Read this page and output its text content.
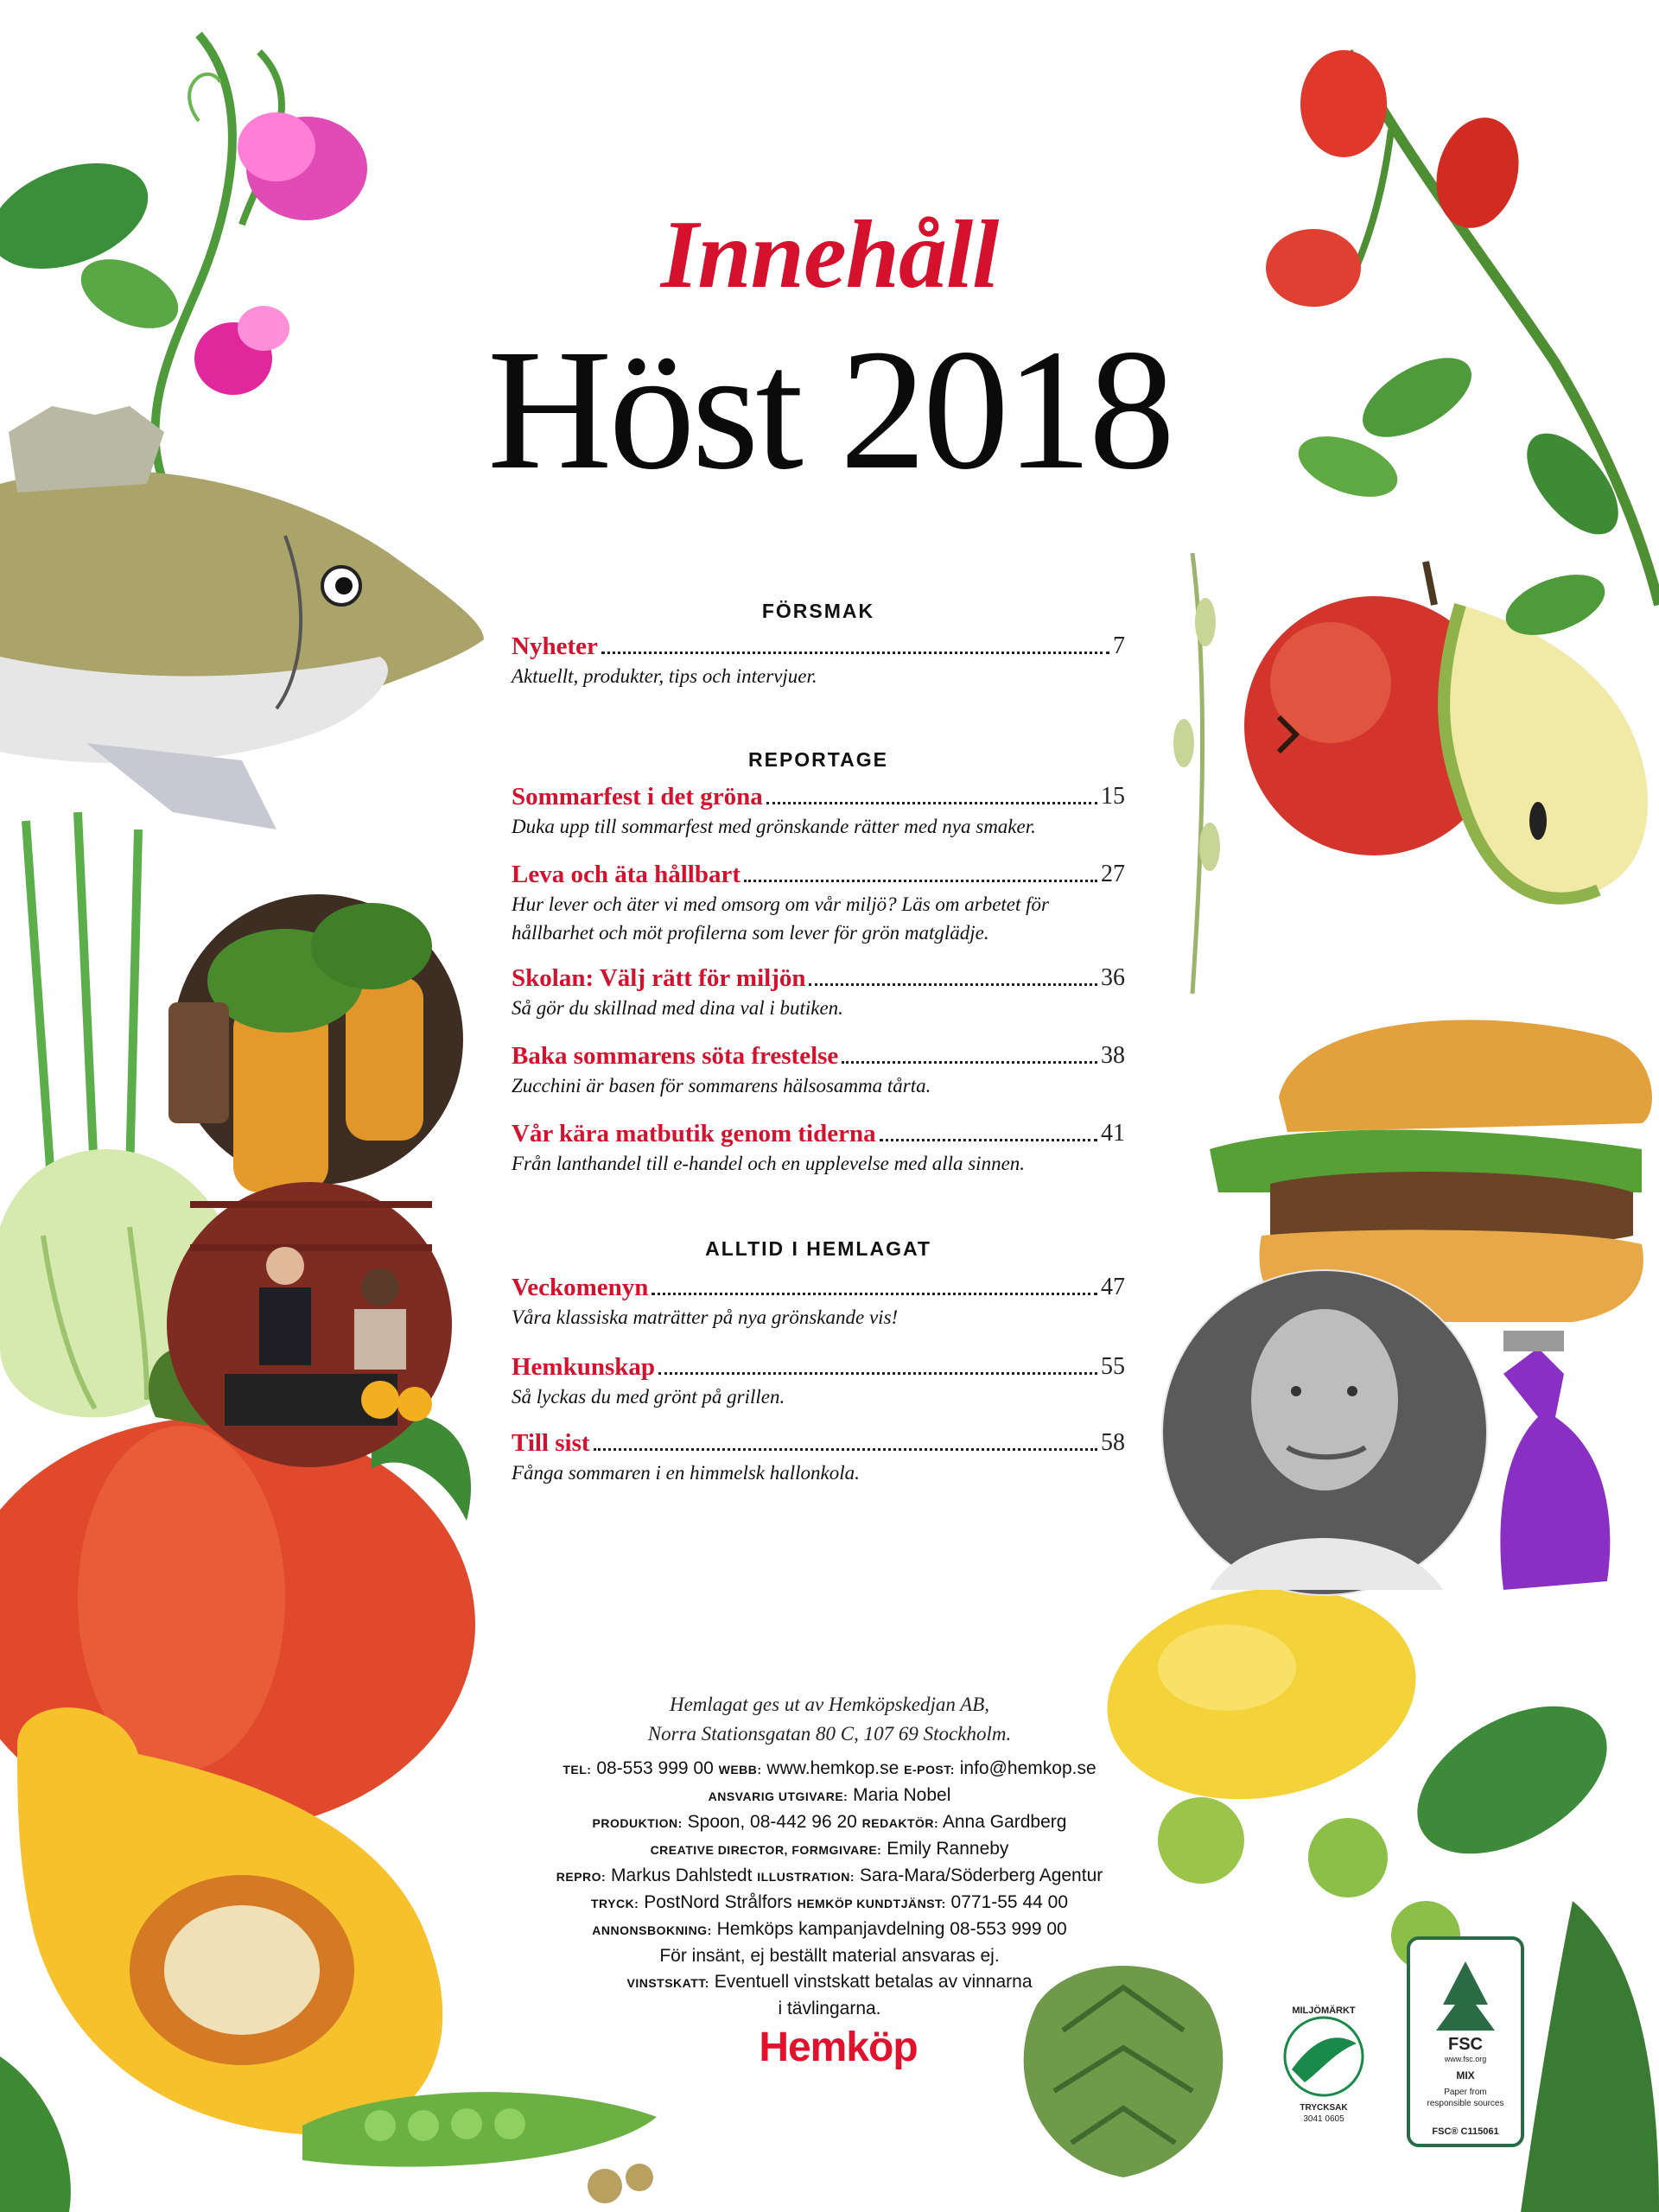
MILJÖMÄRKT
TRYCKSAK
3041 0605
FSC
www.fsc.org
MIX
Paper from
responsible sources
FSC® C115061
Innehåll
Höst 2018
FÖRSMAK
Nyheter	7
Aktuellt, produkter, tips och intervjuer.
REPORTAGE
Sommarfest i det gröna	15
Duka upp till sommarfest med grönskande rätter med nya smaker.
Leva och äta hållbart	27
Hur lever och äter vi med omsorg om vår miljö? Läs om arbetet för
hållbarhet och möt profilerna som lever för grön matglädje.
Skolan: Välj rätt för miljön	36
Så gör du skillnad med dina val i butiken.
Baka sommarens söta frestelse	38
Zucchini är basen för sommarens hälsosamma tårta.
Vår kära matbutik genom tiderna	41
Från lanthandel till e-handel och en upplevelse med alla sinnen.
ALLTID I HEMLAGAT
Veckomenyn	47
Våra klassiska maträtter på nya grönskande vis!
Hemkunskap	55
Så lyckas du med grönt på grillen.
Till sist	58
Fånga sommaren i en himmelsk hallonkola.
Hemlagat ges ut av Hemköpskedjan AB,
Norra Stationsgatan 80 C, 107 69 Stockholm.
TEL: 08-553 999 00 WEBB: www.hemkop.se E-POST: info@hemkop.se
ANSVARIG UTGIVARE: Maria Nobel
PRODUKTION: Spoon, 08-442 96 20 REDAKTÖR: Anna Gardberg
CREATIVE DIRECTOR, FORMGIVARE: Emily Ranneby
REPRO: Markus Dahlstedt ILLUSTRATION: Sara-Mara/Söderberg Agentur
TRYCK: PostNord Strålfors HEMKÖP KUNDTJÄNST: 0771-55 44 00
ANNONSBOKNING: Hemköps kampanjavdelning 08-553 999 00
För insänt, ej beställt material ansvaras ej.
VINSTSKATT: Eventuell vinstskatt betalas av vinnarna
i tävlingarna.
Hemköp
